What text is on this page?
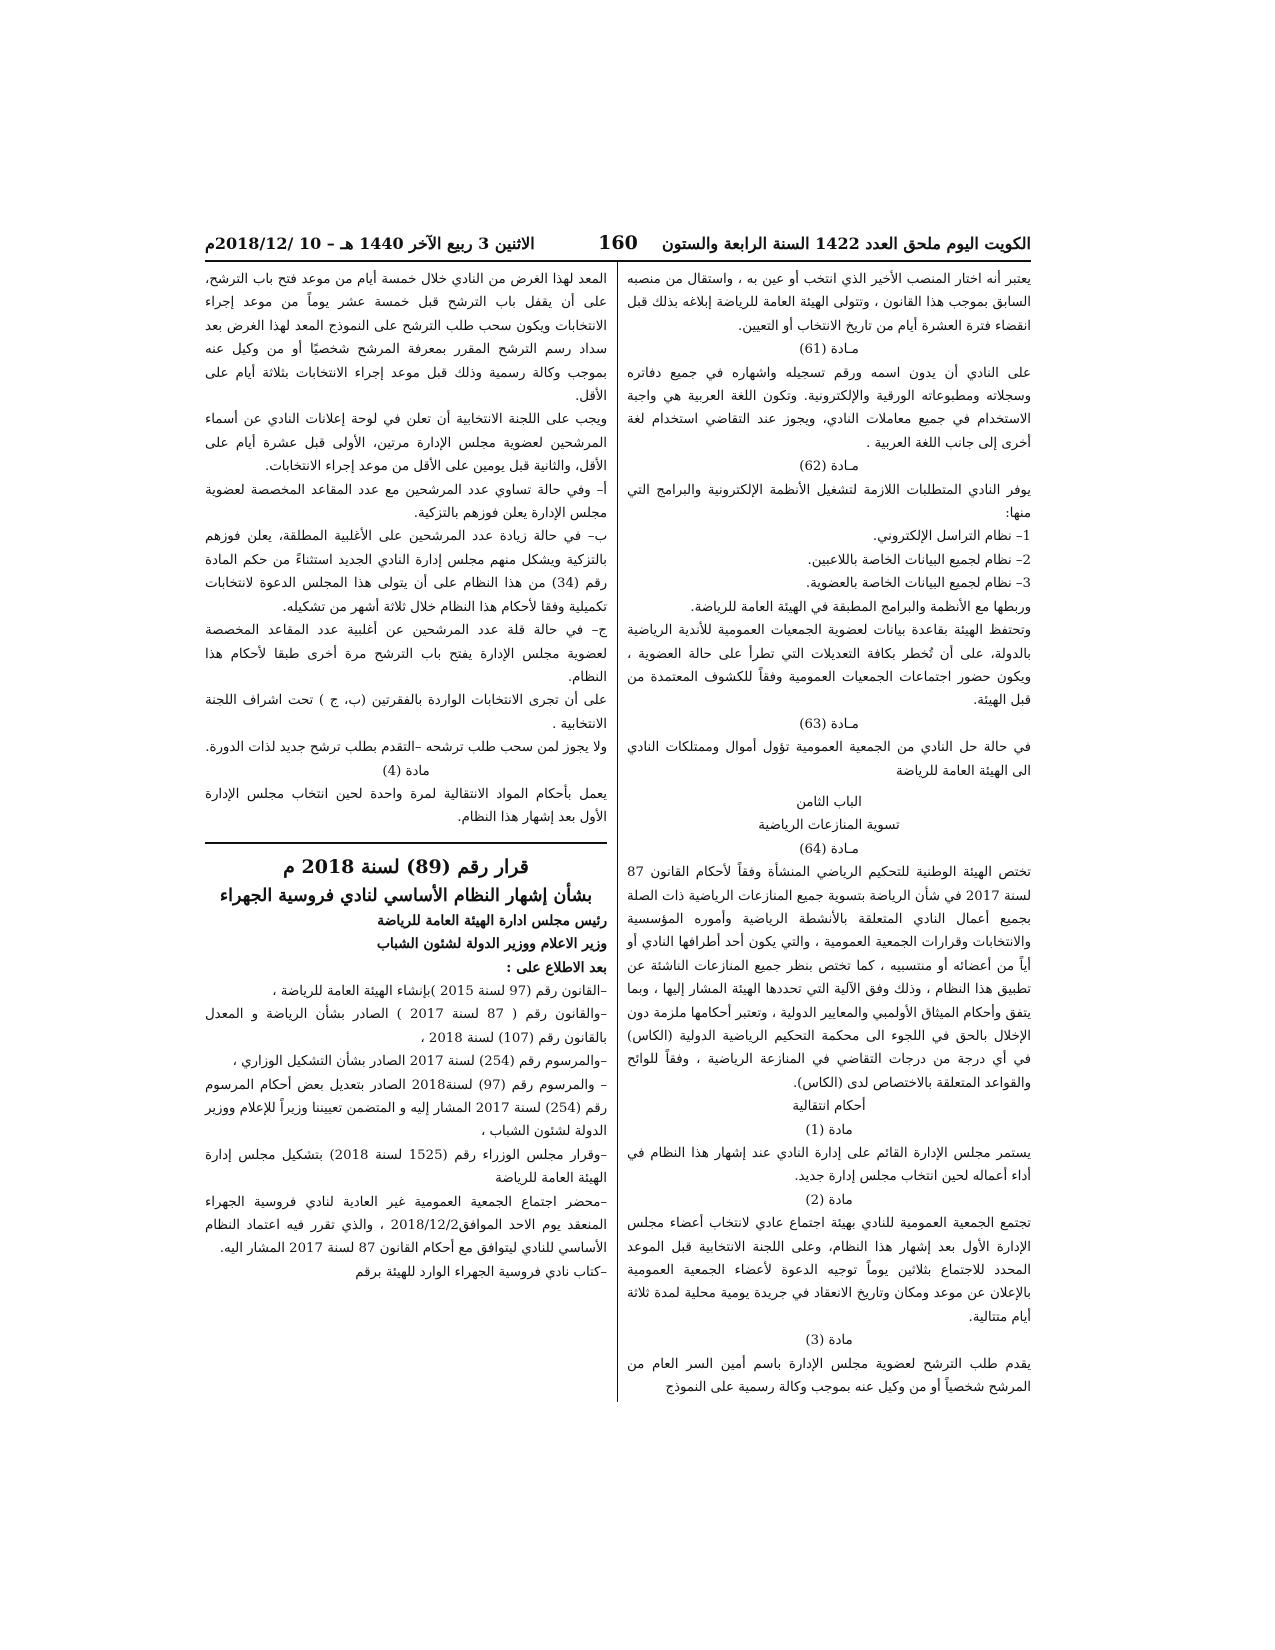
الكويت اليوم ملحق العدد 1422 السنة الرابعة والستون
160
الاثنين 3 ربيع الآخر 1440 هـ – 10 /2018/12م

يعتبر أنه اختار المنصب الأخير الذي انتخب أو عين به ، واستقال من منصبه السابق بموجب هذا القانون ، وتتولى الهيئة العامة للرياضة إبلاغه بذلك قبل انقضاء فترة العشرة أيام من تاريخ الانتخاب أو التعيين.

مـادة (61)

على النادي أن يدون اسمه ورقم تسجيله واشهاره في جميع دفاتره وسجلاته ومطبوعاته الورقية والإلكترونية. وتكون اللغة العربية هي واجبة الاستخدام في جميع معاملات النادي، ويجوز عند التقاضي استخدام لغة أخرى إلى جانب اللغة العربية .

مـادة (62)

يوفر النادي المتطلبات اللازمة لتشغيل الأنظمة الإلكترونية والبرامج التي منها:

1– نظام التراسل الإلكتروني.

2– نظام لجميع البيانات الخاصة باللاعبين.

3– نظام لجميع البيانات الخاصة بالعضوية.

وربطها مع الأنظمة والبرامج المطبقة في الهيئة العامة للرياضة.

وتحتفظ الهيئة بقاعدة بيانات لعضوية الجمعيات العمومية للأندية الرياضية بالدولة، على أن تُخطر بكافة التعديلات التي تطرأ على حالة العضوية ، ويكون حضور اجتماعات الجمعيات العمومية وفقاً للكشوف المعتمدة من قبل الهيئة.

مـادة (63)

في حالة حل النادي من الجمعية العمومية تؤول أموال وممتلكات النادي الى الهيئة العامة للرياضة

الباب الثامن

تسوية المنازعات الرياضية

مـادة (64)

تختص الهيئة الوطنية للتحكيم الرياضي المنشأة وفقاً لأحكام القانون 87 لسنة 2017 في شأن الرياضة بتسوية جميع المنازعات الرياضية ذات الصلة بجميع أعمال النادي المتعلقة بالأنشطة الرياضية وأموره المؤسسية والانتخابات وقرارات الجمعية العمومية ، والتي يكون أحد أطرافها النادي أو أياً من أعضائه أو منتسبيه ، كما تختص بنظر جميع المنازعات الناشئة عن تطبيق هذا النظام ، وذلك وفق الآلية التي تحددها الهيئة المشار إليها ، وبما يتفق وأحكام الميثاق الأولمبي والمعايير الدولية ، وتعتبر أحكامها ملزمة دون الإخلال بالحق في اللجوء الى محكمة التحكيم الرياضية الدولية (الكاس) في أي درجة من درجات التقاضي في المنازعة الرياضية ، وفقاً للوائح والقواعد المتعلقة بالاختصاص لدى (الكاس).

أحكام انتقالية

مادة (1)

يستمر مجلس الإدارة القائم على إدارة النادي عند إشهار هذا النظام في أداء أعماله لحين انتخاب مجلس إدارة جديد.

مادة (2)

تجتمع الجمعية العمومية للنادي بهيئة اجتماع عادي لانتخاب أعضاء مجلس الإدارة الأول بعد إشهار هذا النظام، وعلى اللجنة الانتخابية قبل الموعد المحدد للاجتماع بثلاثين يوماً توجيه الدعوة لأعضاء الجمعية العمومية بالإعلان عن موعد ومكان وتاريخ الانعقاد في جريدة يومية محلية لمدة ثلاثة أيام متتالية.

مادة (3)

يقدم طلب الترشح لعضوية مجلس الإدارة باسم أمين السر العام من المرشح شخصياً أو من وكيل عنه بموجب وكالة رسمية على النموذج

المعد لهذا الغرض من النادي خلال خمسة أيام من موعد فتح باب الترشح، على أن يقفل باب الترشح قبل خمسة عشر يوماً من موعد إجراء الانتخابات ويكون سحب طلب الترشح على النموذج المعد لهذا الغرض بعد سداد رسم الترشح المقرر بمعرفة المرشح شخصيًا أو من وكيل عنه بموجب وكالة رسمية وذلك قبل موعد إجراء الانتخابات بثلاثة أيام على الأقل.

ويجب على اللجنة الانتخابية أن تعلن في لوحة إعلانات النادي عن أسماء المرشحين لعضوية مجلس الإدارة مرتين، الأولى قبل عشرة أيام على الأقل، والثانية قبل يومين على الأقل من موعد إجراء الانتخابات.

أ– وفي حالة تساوي عدد المرشحين مع عدد المقاعد المخصصة لعضوية مجلس الإدارة يعلن فوزهم بالتزكية.

ب– في حالة زيادة عدد المرشحين على الأغلبية المطلقة، يعلن فوزهم بالتزكية ويشكل منهم مجلس إدارة النادي الجديد استثناءً من حكم المادة رقم (34) من هذا النظام على أن يتولى هذا المجلس الدعوة لانتخابات تكميلية وفقا لأحكام هذا النظام خلال ثلاثة أشهر من تشكيله.

ج– في حالة قلة عدد المرشحين عن أغلبية عدد المقاعد المخصصة لعضوية مجلس الإدارة يفتح باب الترشح مرة أخرى طبقا لأحكام هذا النظام.

على أن تجرى الانتخابات الواردة بالفقرتين (ب، ج ) تحت اشراف اللجنة الانتخابية .

ولا يجوز لمن سحب طلب ترشحه –التقدم بطلب ترشح جديد لذات الدورة.

مادة (4)

يعمل بأحكام المواد الانتقالية لمرة واحدة لحين انتخاب مجلس الإدارة الأول بعد إشهار هذا النظام.

قرار رقم (89) لسنة 2018 م

بشأن إشهار النظام الأساسي لنادي فروسية الجهراء

رئيس مجلس ادارة الهيئة العامة للرياضة

وزير الاعلام ووزير الدولة لشئون الشباب

بعد الاطلاع على :

–القانون رقم (97 لسنة 2015 )بإنشاء الهيئة العامة للرياضة ،

–والقانون رقم ( 87 لسنة 2017 ) الصادر بشأن الرياضة و المعدل بالقانون رقم (107) لسنة 2018 ،

–والمرسوم رقم (254) لسنة 2017 الصادر بشأن التشكيل الوزاري ،

– والمرسوم رقم (97) لسنة2018 الصادر بتعديل بعض أحكام المرسوم رقم (254) لسنة 2017 المشار إليه و المتضمن تعييننا وزيراً للإعلام ووزير الدولة لشئون الشباب ،

–وقرار مجلس الوزراء رقم (1525 لسنة 2018) بتشكيل مجلس إدارة الهيئة العامة للرياضة

–محضر اجتماع الجمعية العمومية غير العادية لنادي فروسية الجهراء المنعقد يوم الاحد الموافق2018/12/2 ، والذي تقرر فيه اعتماد النظام الأساسي للنادي ليتوافق مع أحكام القانون 87 لسنة 2017 المشار اليه.

–كتاب نادي فروسية الجهراء الوارد للهيئة برقم
